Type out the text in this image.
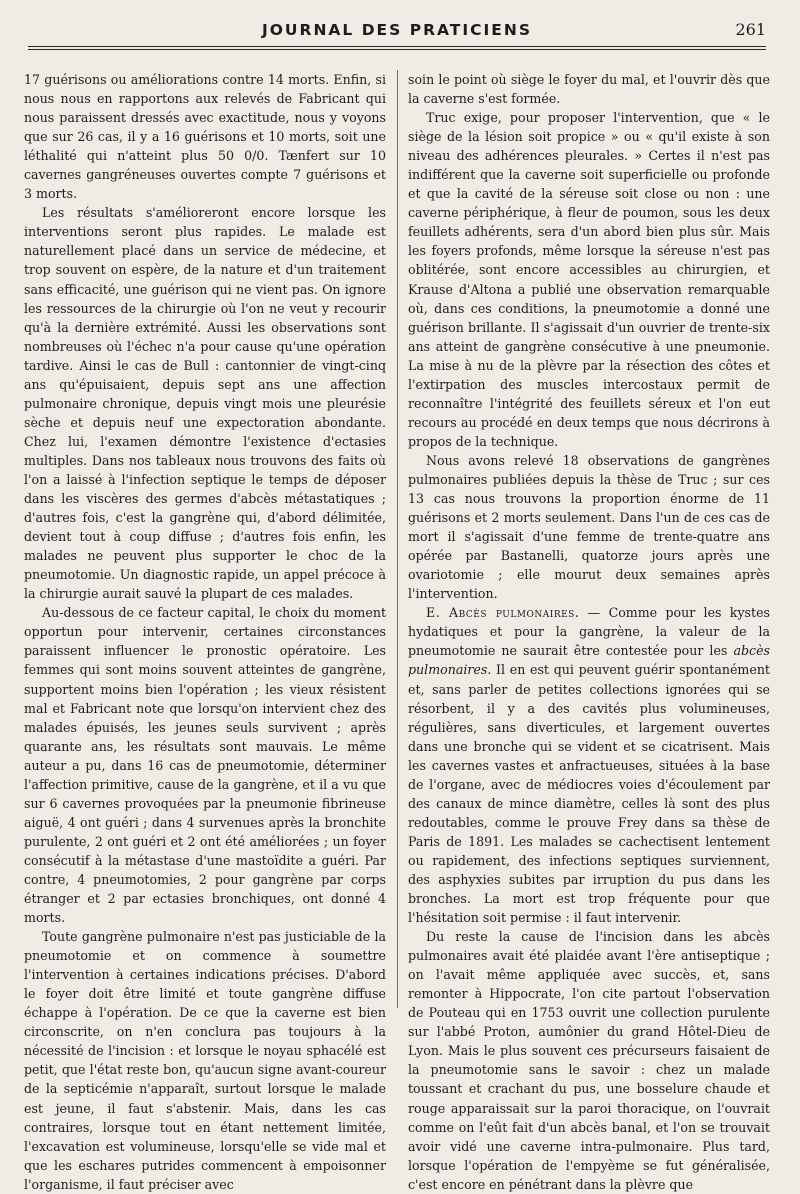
JOURNAL DES PRATICIENS	261

17 guérisons ou améliorations contre 14 morts. Enfin, si nous nous en rapportons aux relevés de Fabricant qui nous paraissent dressés avec exactitude, nous y voyons que sur 26 cas, il y a 16 guérisons et 10 morts, soit une léthalité qui n'atteint plus 50 0/0. Tænfert sur 10 cavernes gangréneuses ouvertes compte 7 guérisons et 3 morts.

Les résultats s'amélioreront encore lorsque les interventions seront plus rapides. Le malade est naturellement placé dans un service de médecine, et trop souvent on espère, de la nature et d'un traitement sans efficacité, une guérison qui ne vient pas. On ignore les ressources de la chirurgie où l'on ne veut y recourir qu'à la dernière extrémité. Aussi les observations sont nombreuses où l'échec n'a pour cause qu'une opération tardive. Ainsi le cas de Bull : cantonnier de vingt-cinq ans qu'épuisaient, depuis sept ans une affection pulmonaire chronique, depuis vingt mois une pleurésie sèche et depuis neuf une expectoration abondante. Chez lui, l'examen démontre l'existence d'ectasies multiples. Dans nos tableaux nous trouvons des faits où l'on a laissé à l'infection septique le temps de déposer dans les viscères des germes d'abcès métastatiques ; d'autres fois, c'est la gangrène qui, d'abord délimitée, devient tout à coup diffuse ; d'autres fois enfin, les malades ne peuvent plus supporter le choc de la pneumotomie. Un diagnostic rapide, un appel précoce à la chirurgie aurait sauvé la plupart de ces malades.

Au-dessous de ce facteur capital, le choix du moment opportun pour intervenir, certaines circonstances paraissent influencer le pronostic opératoire. Les femmes qui sont moins souvent atteintes de gangrène, supportent moins bien l'opération ; les vieux résistent mal et Fabricant note que lorsqu'on intervient chez des malades épuisés, les jeunes seuls survivent ; après quarante ans, les résultats sont mauvais. Le même auteur a pu, dans 16 cas de pneumotomie, déterminer l'affection primitive, cause de la gangrène, et il a vu que sur 6 cavernes provoquées par la pneumonie fibrineuse aiguë, 4 ont guéri ; dans 4 survenues après la bronchite purulente, 2 ont guéri et 2 ont été améliorées ; un foyer consécutif à la métastase d'une mastoïdite a guéri. Par contre, 4 pneumotomies, 2 pour gangrène par corps étranger et 2 par ectasies bronchiques, ont donné 4 morts.

Toute gangrène pulmonaire n'est pas justiciable de la pneumotomie et on commence à soumettre l'intervention à certaines indications précises. D'abord le foyer doit être limité et toute gangrène diffuse échappe à l'opération. De ce que la caverne est bien circonscrite, on n'en conclura pas toujours à la nécessité de l'incision : et lorsque le noyau sphacélé est petit, que l'état reste bon, qu'aucun signe avant-coureur de la septicémie n'apparaît, surtout lorsque le malade est jeune, il faut s'abstenir. Mais, dans les cas contraires, lorsque tout en étant nettement limitée, l'excavation est volumineuse, lorsqu'elle se vide mal et que les eschares putrides commencent à empoisonner l'organisme, il faut préciser avec

soin le point où siège le foyer du mal, et l'ouvrir dès que la caverne s'est formée.

Truc exige, pour proposer l'intervention, que « le siège de la lésion soit propice » ou « qu'il existe à son niveau des adhérences pleurales. » Certes il n'est pas indifférent que la caverne soit superficielle ou profonde et que la cavité de la séreuse soit close ou non : une caverne périphérique, à fleur de poumon, sous les deux feuillets adhérents, sera d'un abord bien plus sûr. Mais les foyers profonds, même lorsque la séreuse n'est pas oblitérée, sont encore accessibles au chirurgien, et Krause d'Altona a publié une observation remarquable où, dans ces conditions, la pneumotomie a donné une guérison brillante. Il s'agissait d'un ouvrier de trente-six ans atteint de gangrène consécutive à une pneumonie. La mise à nu de la plèvre par la résection des côtes et l'extirpation des muscles intercostaux permit de reconnaître l'intégrité des feuillets séreux et l'on eut recours au procédé en deux temps que nous décrirons à propos de la technique.

Nous avons relevé 18 observations de gangrènes pulmonaires publiées depuis la thèse de Truc ; sur ces 13 cas nous trouvons la proportion énorme de 11 guérisons et 2 morts seulement. Dans l'un de ces cas de mort il s'agissait d'une femme de trente-quatre ans opérée par Bastanelli, quatorze jours après une ovariotomie ; elle mourut deux semaines après l'intervention.

E. Abcès pulmonaires. — Comme pour les kystes hydatiques et pour la gangrène, la valeur de la pneumotomie ne saurait être contestée pour les abcès pulmonaires. Il en est qui peuvent guérir spontanément et, sans parler de petites collections ignorées qui se résorbent, il y a des cavités plus volumineuses, régulières, sans diverticules, et largement ouvertes dans une bronche qui se vident et se cicatrisent. Mais les cavernes vastes et anfractueuses, situées à la base de l'organe, avec de médiocres voies d'écoulement par des canaux de mince diamètre, celles là sont des plus redoutables, comme le prouve Frey dans sa thèse de Paris de 1891. Les malades se cachectisent lentement ou rapidement, des infections septiques surviennent, des asphyxies subites par irruption du pus dans les bronches. La mort est trop fréquente pour que l'hésitation soit permise : il faut intervenir.

Du reste la cause de l'incision dans les abcès pulmonaires avait été plaidée avant l'ère antiseptique ; on l'avait même appliquée avec succès, et, sans remonter à Hippocrate, l'on cite partout l'observation de Pouteau qui en 1753 ouvrit une collection purulente sur l'abbé Proton, aumônier du grand Hôtel-Dieu de Lyon. Mais le plus souvent ces précurseurs faisaient de la pneumotomie sans le savoir : chez un malade toussant et crachant du pus, une bosselure chaude et rouge apparaissait sur la paroi thoracique, on l'ouvrait comme on l'eût fait d'un abcès banal, et l'on se trouvait avoir vidé une caverne intra-pulmonaire. Plus tard, lorsque l'opération de l'empyème se fut généralisée, c'est encore en pénétrant dans la plèvre que
